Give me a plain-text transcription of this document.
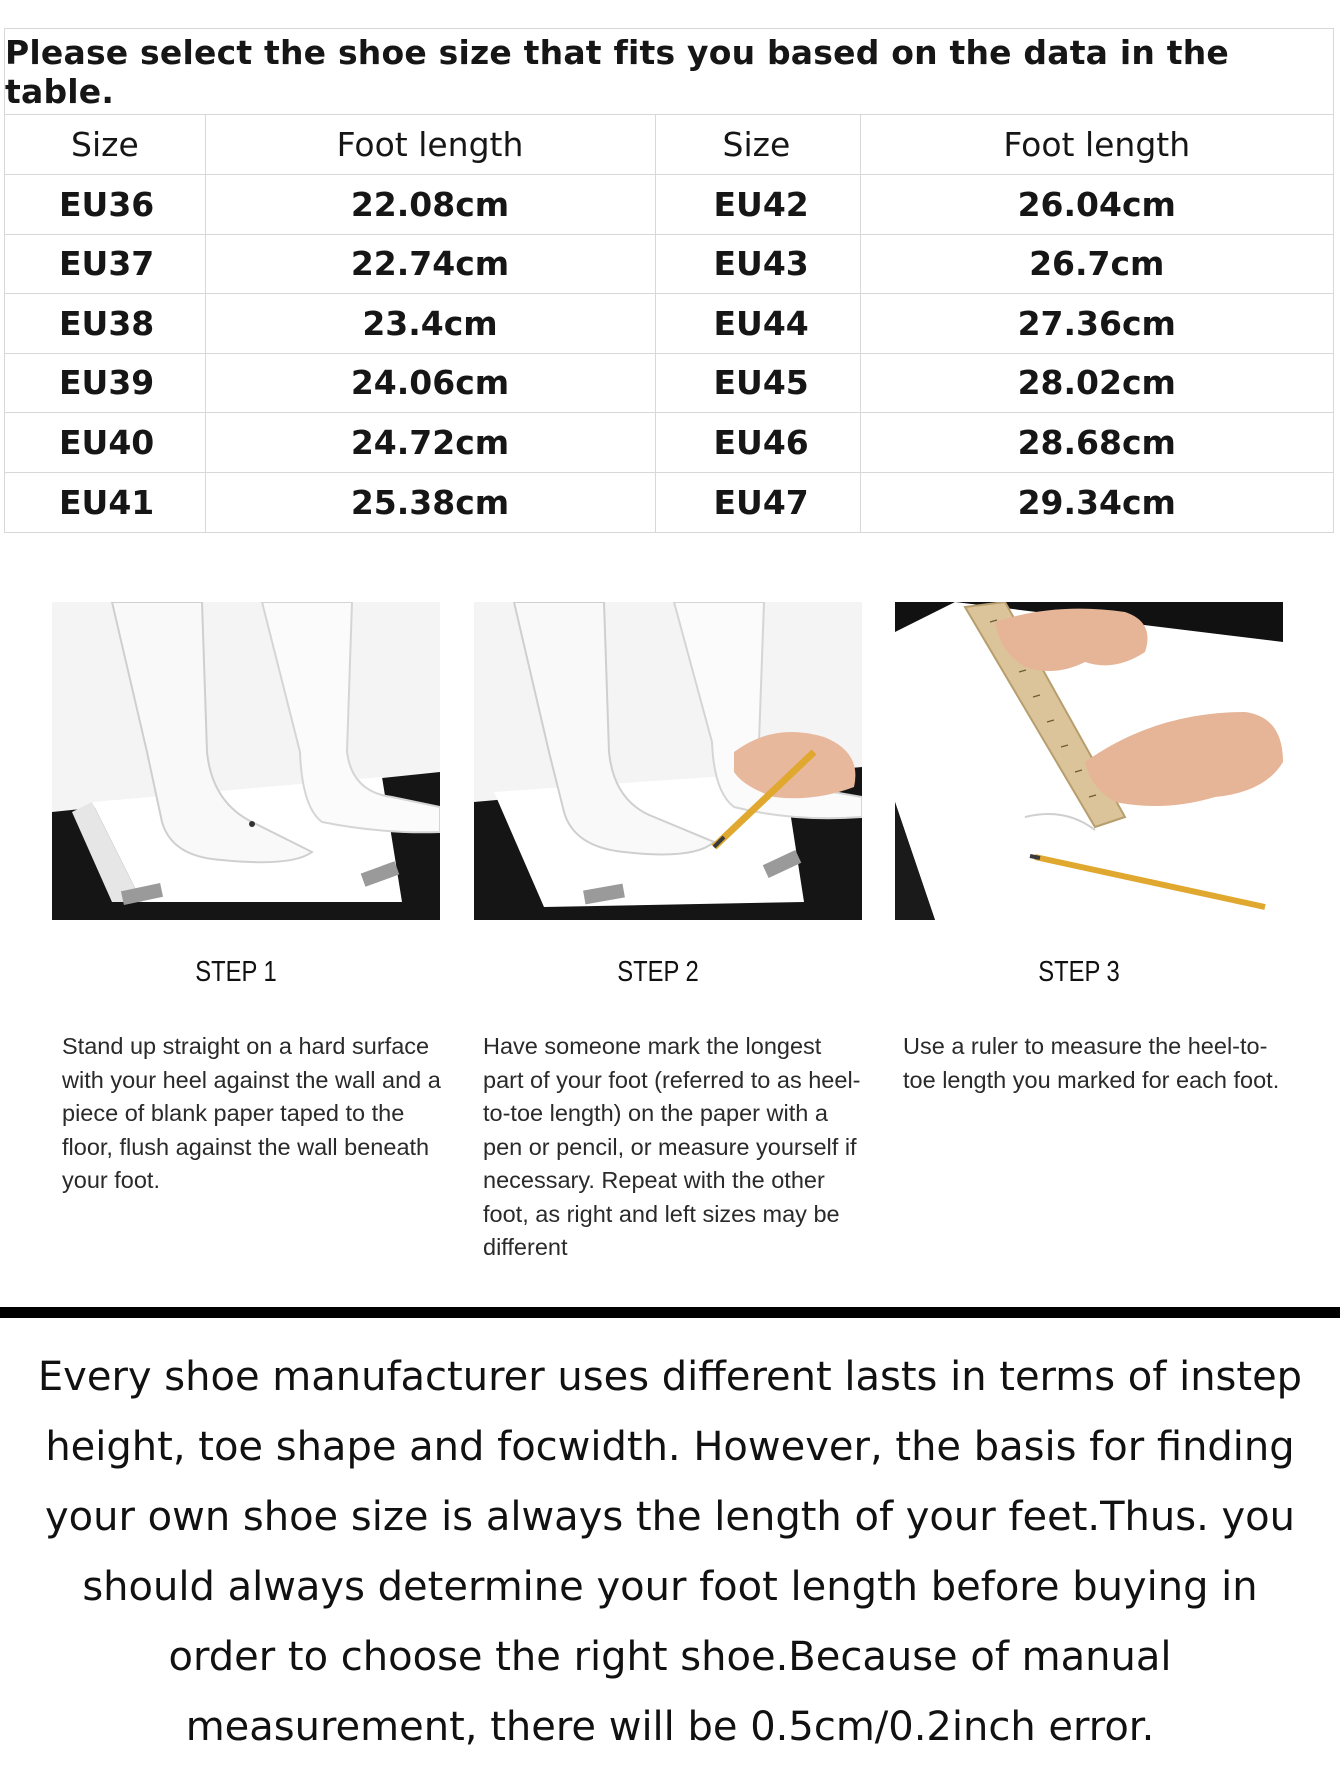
Please select the shoe size that fits you based on the data in the table.
Size	Foot length	Size	Foot length
EU36	22.08cm	EU42	26.04cm
EU37	22.74cm	EU43	26.7cm
EU38	23.4cm	EU44	27.36cm
EU39	24.06cm	EU45	28.02cm
EU40	24.72cm	EU46	28.68cm
EU41	25.38cm	EU47	29.34cm
STEP 1	STEP 2	STEP 3
Stand up straight on a hard surface with your heel against the wall and a piece of blank paper taped to the floor, flush against the wall beneath your foot.
Have someone mark the longest part of your foot (referred to as heel-to-toe length) on the paper with a pen or pencil, or measure yourself if necessary. Repeat with the other foot, as right and left sizes may be different
Use a ruler to measure the heel-to-toe length you marked for each foot.
Every shoe manufacturer uses different lasts in terms of instep height, toe shape and focwidth. However, the basis for finding your own shoe size is always the length of your feet.Thus. you should always determine your foot length before buying in order to choose the right shoe.Because of manual measurement, there will be 0.5cm/0.2inch error.
